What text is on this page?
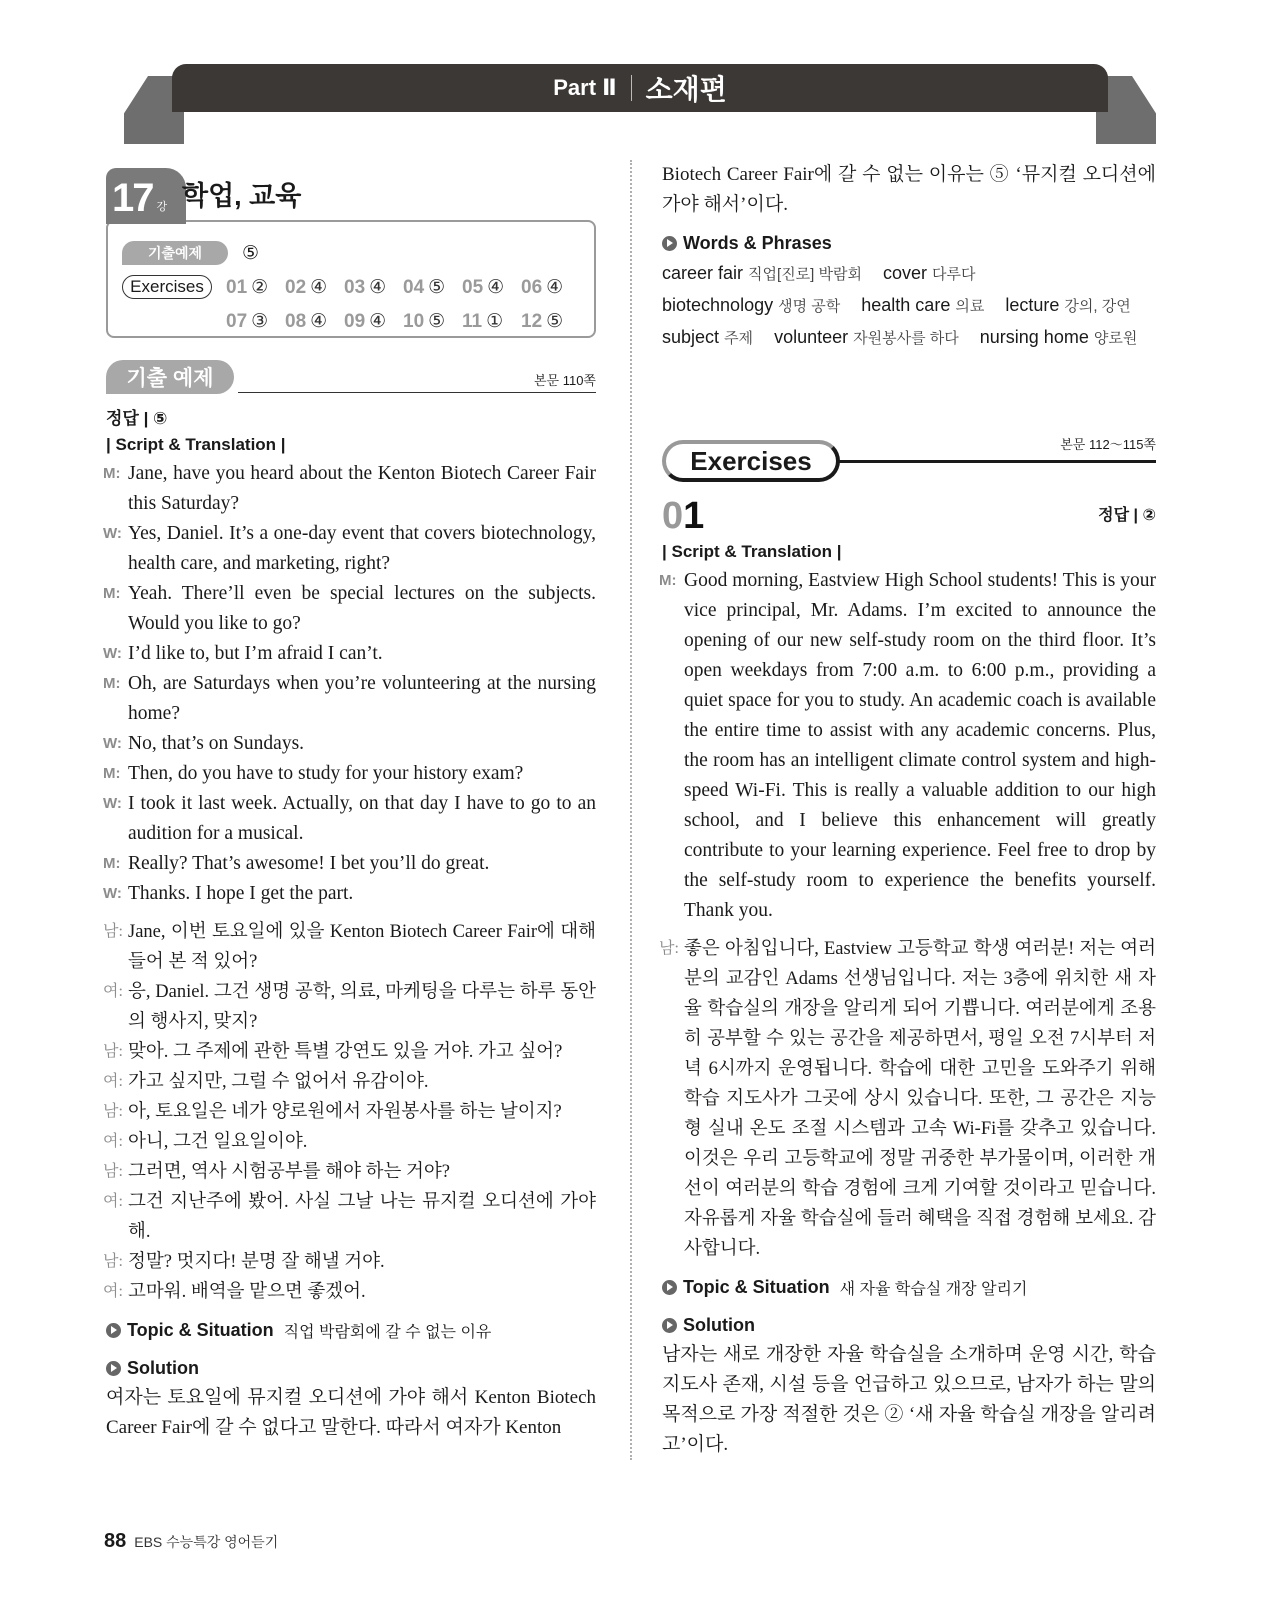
Part Ⅱ 소재편
17 강 학업, 교육
기출예제	⑤
Exercises	01 ② 02 ④ 03 ④ 04 ⑤ 05 ④ 06 ④
07 ③ 08 ④ 09 ④ 10 ⑤ 11 ① 12 ⑤
기출 예제	본문 110쪽
정답 | ⑤
| Script & Translation |
M: Jane, have you heard about the Kenton Biotech Career Fair this Saturday?
W: Yes, Daniel. It’s a one-day event that covers biotechnology, health care, and marketing, right?
M: Yeah. There’ll even be special lectures on the subjects. Would you like to go?
W: I’d like to, but I’m afraid I can’t.
M: Oh, are Saturdays when you’re volunteering at the nursing home?
W: No, that’s on Sundays.
M: Then, do you have to study for your history exam?
W: I took it last week. Actually, on that day I have to go to an audition for a musical.
M: Really? That’s awesome! I bet you’ll do great.
W: Thanks. I hope I get the part.
남: Jane, 이번 토요일에 있을 Kenton Biotech Career Fair에 대해 들어 본 적 있어?
여: 응, Daniel. 그건 생명 공학, 의료, 마케팅을 다루는 하루 동안의 행사지, 맞지?
남: 맞아. 그 주제에 관한 특별 강연도 있을 거야. 가고 싶어?
여: 가고 싶지만, 그럴 수 없어서 유감이야.
남: 아, 토요일은 네가 양로원에서 자원봉사를 하는 날이지?
여: 아니, 그건 일요일이야.
남: 그러면, 역사 시험공부를 해야 하는 거야?
여: 그건 지난주에 봤어. 사실 그날 나는 뮤지컬 오디션에 가야 해.
남: 정말? 멋지다! 분명 잘 해낼 거야.
여: 고마워. 배역을 맡으면 좋겠어.
Topic & Situation 직업 박람회에 갈 수 없는 이유
Solution
여자는 토요일에 뮤지컬 오디션에 가야 해서 Kenton Biotech Career Fair에 갈 수 없다고 말한다. 따라서 여자가 Kenton
Biotech Career Fair에 갈 수 없는 이유는 ⑤ ‘뮤지컬 오디션에 가야 해서’이다.
Words & Phrases
career fair 직업[진로] 박람회 cover 다루다 biotechnology 생명 공학 health care 의료 lecture 강의, 강연 subject 주제 volunteer 자원봉사를 하다 nursing home 양로원
Exercises
본문 112～115쪽
01	정답 | ②
| Script & Translation |
M: Good morning, Eastview High School students! This is your vice principal, Mr. Adams. I’m excited to announce the opening of our new self-study room on the third floor. It’s open weekdays from 7:00 a.m. to 6:00 p.m., providing a quiet space for you to study. An academic coach is available the entire time to assist with any academic concerns. Plus, the room has an intelligent climate control system and high-speed Wi-Fi. This is really a valuable addition to our high school, and I believe this enhancement will greatly contribute to your learning experience. Feel free to drop by the self-study room to experience the benefits yourself. Thank you.
남: 좋은 아침입니다, Eastview 고등학교 학생 여러분! 저는 여러분의 교감인 Adams 선생님입니다. 저는 3층에 위치한 새 자율 학습실의 개장을 알리게 되어 기쁩니다. 여러분에게 조용히 공부할 수 있는 공간을 제공하면서, 평일 오전 7시부터 저녁 6시까지 운영됩니다. 학습에 대한 고민을 도와주기 위해 학습 지도사가 그곳에 상시 있습니다. 또한, 그 공간은 지능형 실내 온도 조절 시스템과 고속 Wi-Fi를 갖추고 있습니다. 이것은 우리 고등학교에 정말 귀중한 부가물이며, 이러한 개선이 여러분의 학습 경험에 크게 기여할 것이라고 믿습니다. 자유롭게 자율 학습실에 들러 혜택을 직접 경험해 보세요. 감사합니다.
Topic & Situation 새 자율 학습실 개장 알리기
Solution
남자는 새로 개장한 자율 학습실을 소개하며 운영 시간, 학습 지도사 존재, 시설 등을 언급하고 있으므로, 남자가 하는 말의 목적으로 가장 적절한 것은 ② ‘새 자율 학습실 개장을 알리려고’이다.
88 EBS 수능특강 영어듣기
